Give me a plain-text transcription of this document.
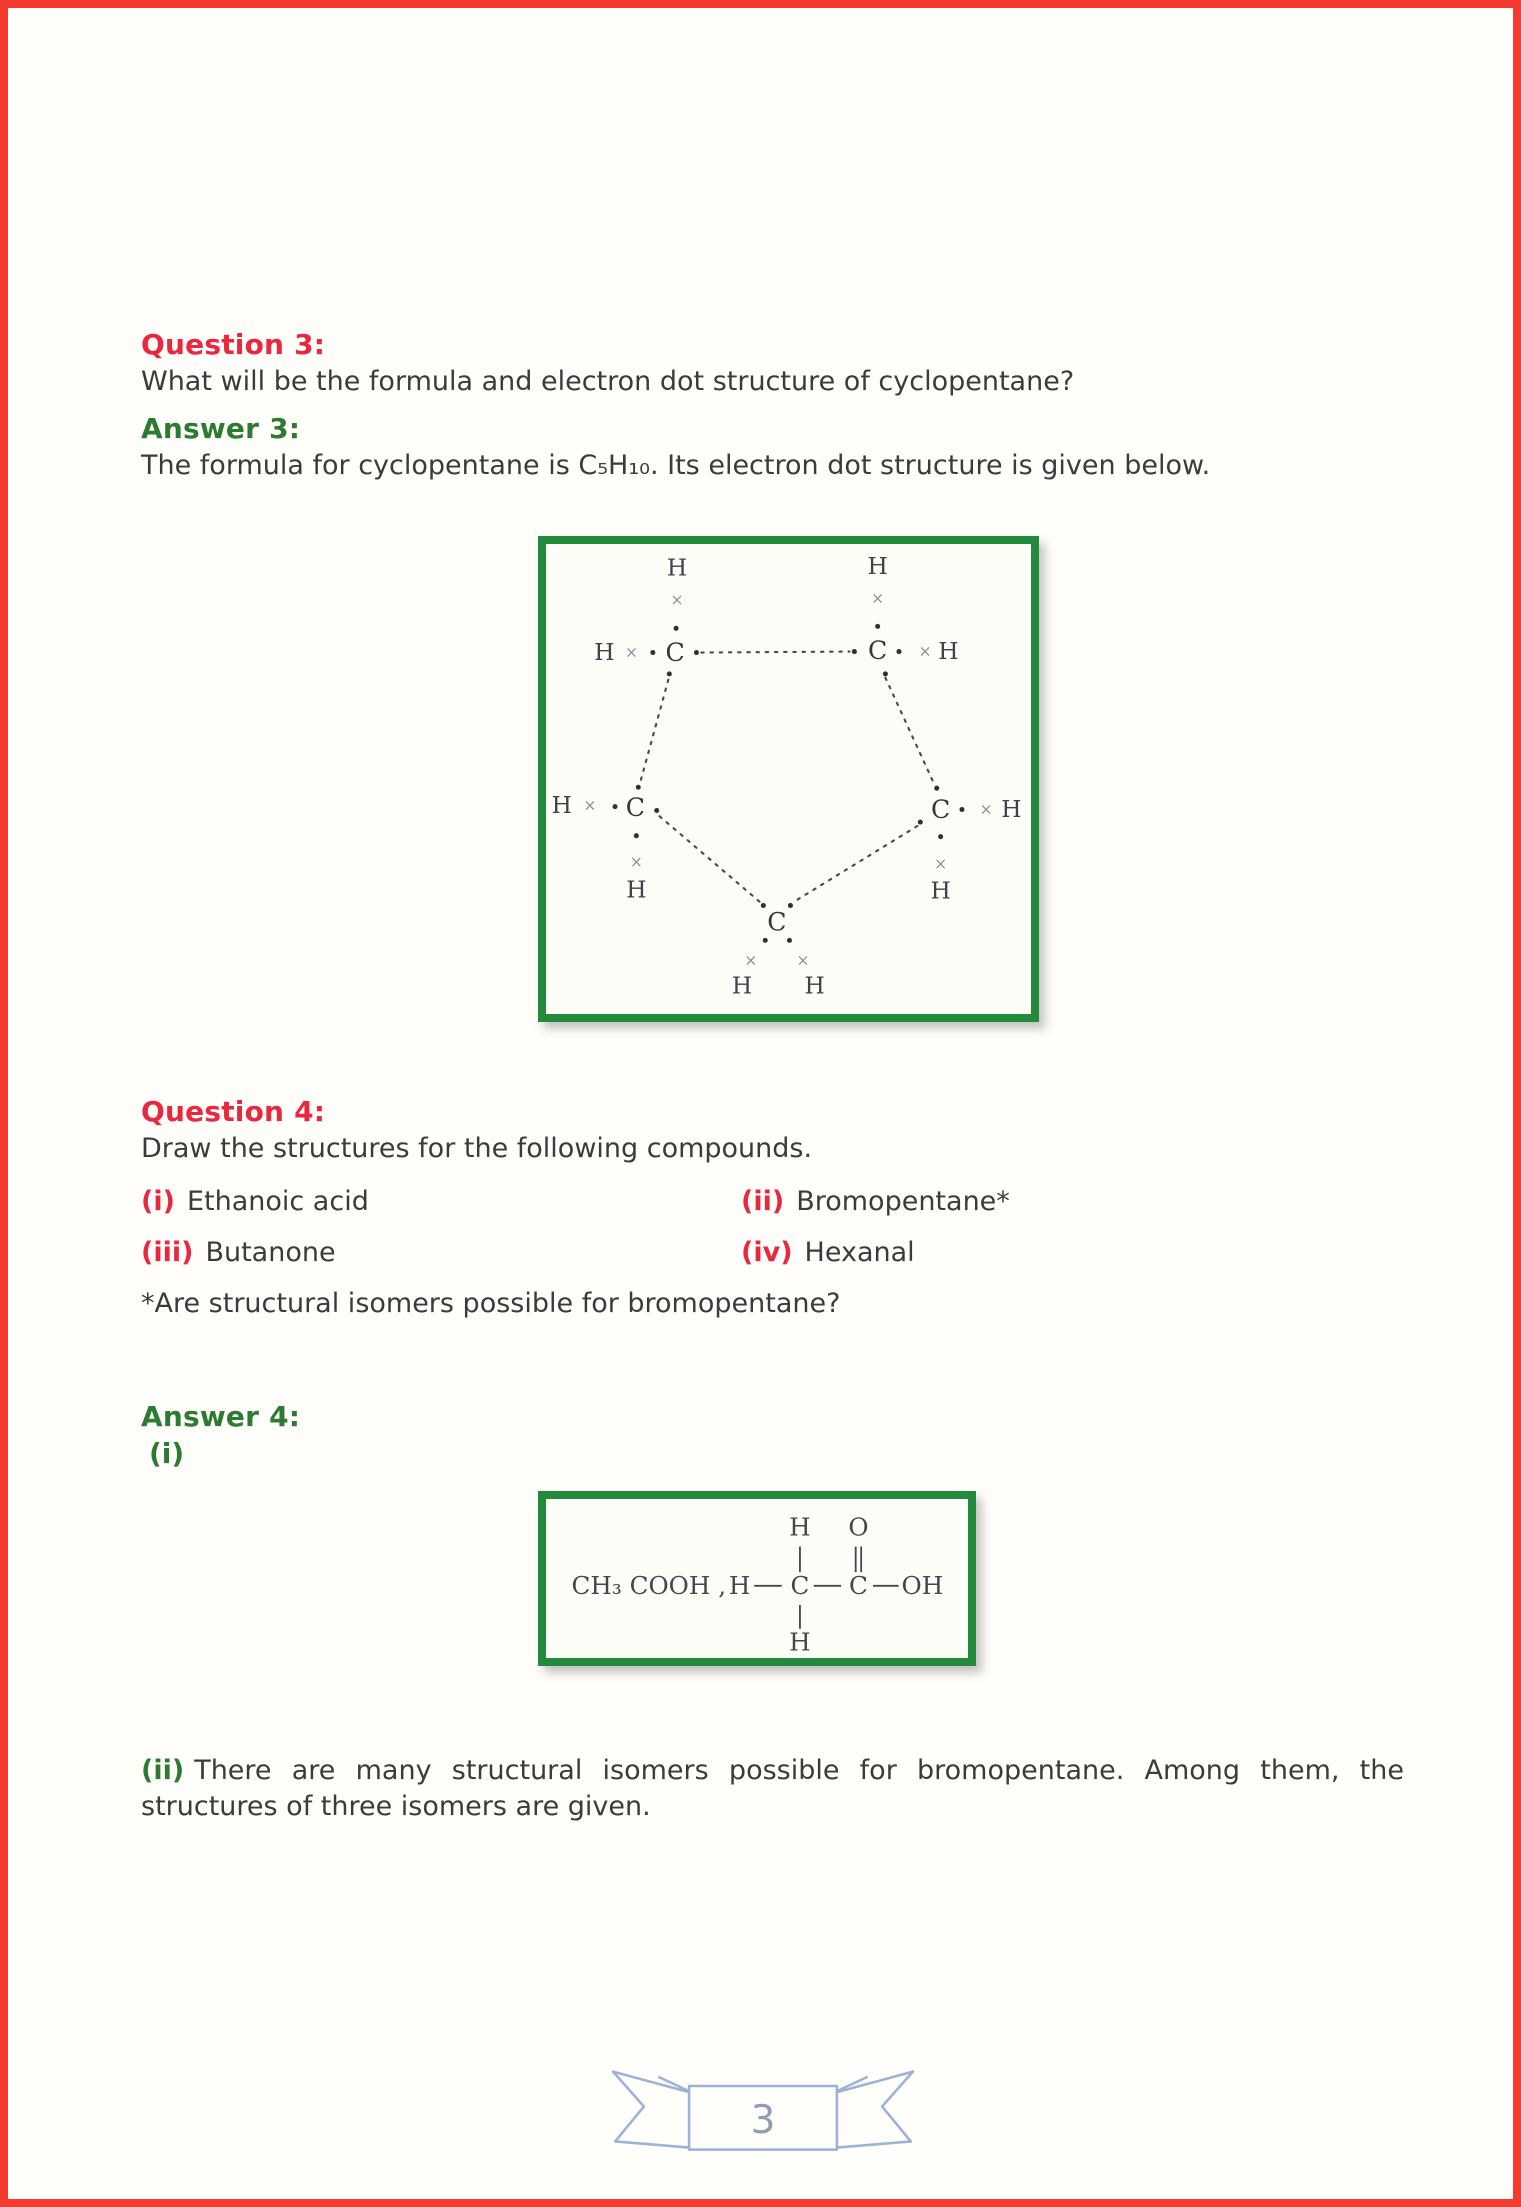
Question 3:
What will be the formula and electron dot structure of cyclopentane?
Answer 3:
The formula for cyclopentane is C₅H₁₀. Its electron dot structure is given below.
×
×
×
×
×
×
×
×
× ×
C	C
C	C
C
H	H
H	H
H	H
H	H
H H
Question 4:
Draw the structures for the following compounds.
(i) Ethanoic acid	(ii) Bromopentane*
(iii) Butanone	(iv) Hexanal
*Are structural isomers possible for bromopentane?
Answer 4:
(i)
CH₃ COOH , H C C OH
H O
H
(ii) There are many structural isomers possible for bromopentane. Among them, the structures of three isomers are given.
3
